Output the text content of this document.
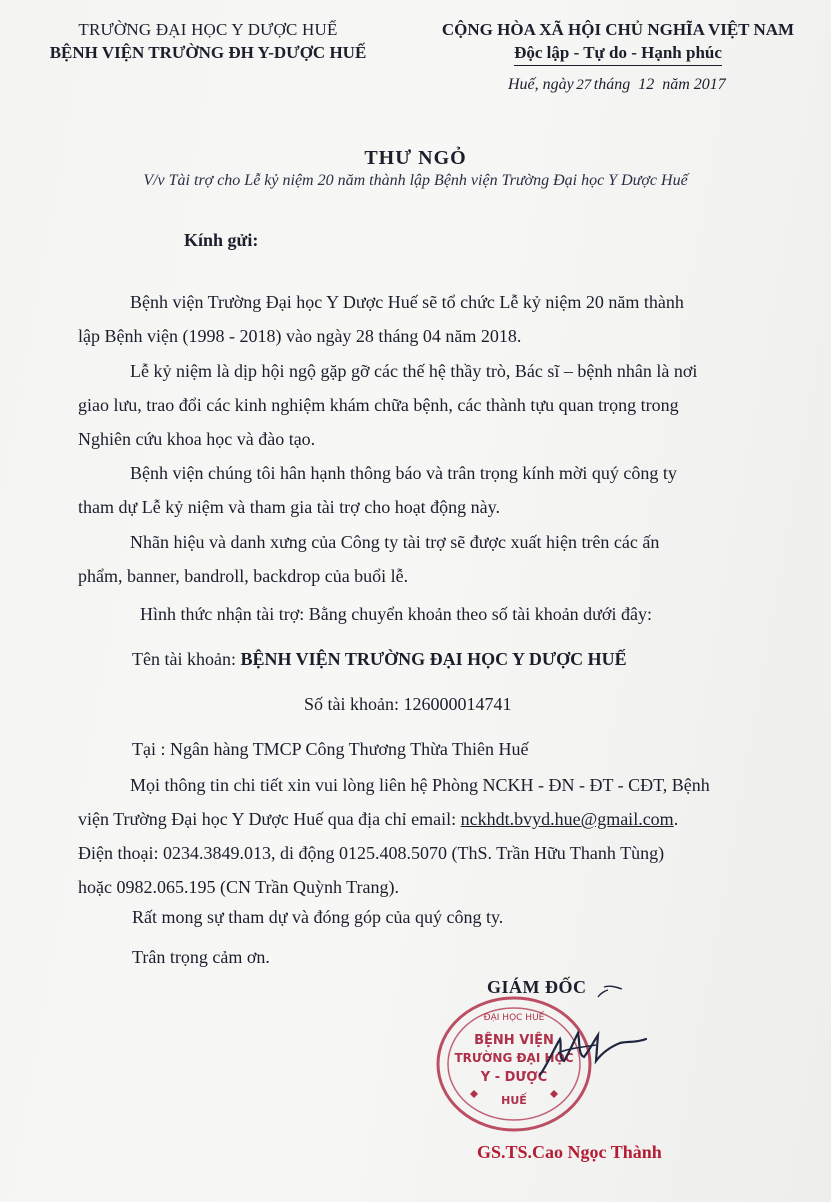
TRƯỜNG ĐẠI HỌC Y DƯỢC HUẾ
BỆNH VIỆN TRƯỜNG ĐH Y-DƯỢC HUẾ
CỘNG HÒA XÃ HỘI CHỦ NGHĨA VIỆT NAM
Độc lập - Tự do - Hạnh phúc
Huế, ngày 27 tháng 12 năm 2017
THƯ NGỎ
V/v Tài trợ cho Lễ kỷ niệm 20 năm thành lập Bệnh viện Trường Đại học Y Dược Huế
Kính gửi:
Bệnh viện Trường Đại học Y Dược Huế sẽ tổ chức Lễ kỷ niệm 20 năm thành
lập Bệnh viện (1998 - 2018) vào ngày 28 tháng 04 năm 2018.
Lễ kỷ niệm là dịp hội ngộ gặp gỡ các thế hệ thầy trò, Bác sĩ – bệnh nhân là nơi
giao lưu, trao đổi các kinh nghiệm khám chữa bệnh, các thành tựu quan trọng trong
Nghiên cứu khoa học và đào tạo.
Bệnh viện chúng tôi hân hạnh thông báo và trân trọng kính mời quý công ty
tham dự Lễ kỷ niệm và tham gia tài trợ cho hoạt động này.
Nhãn hiệu và danh xưng của Công ty tài trợ sẽ được xuất hiện trên các ấn
phẩm, banner, bandroll, backdrop của buổi lễ.
Hình thức nhận tài trợ: Bằng chuyển khoản theo số tài khoản dưới đây:
Tên tài khoản: BỆNH VIỆN TRƯỜNG ĐẠI HỌC Y DƯỢC HUẾ
Số tài khoản: 126000014741
Tại : Ngân hàng TMCP Công Thương Thừa Thiên Huế
Mọi thông tin chi tiết xin vui lòng liên hệ Phòng NCKH - ĐN - ĐT - CĐT, Bệnh
viện Trường Đại học Y Dược Huế qua địa chỉ email: nckhdt.bvyd.hue@gmail.com.
Điện thoại: 0234.3849.013, di động 0125.408.5070 (ThS. Trần Hữu Thanh Tùng)
hoặc 0982.065.195 (CN Trần Quỳnh Trang).
Rất mong sự tham dự và đóng góp của quý công ty.
Trân trọng cảm ơn.
GIÁM ĐỐC
ĐẠI HỌC HUẾ
BỆNH VIỆN
TRƯỜNG ĐẠI HỌC
Y - DƯỢC
HUẾ
GS.TS.Cao Ngọc Thành
